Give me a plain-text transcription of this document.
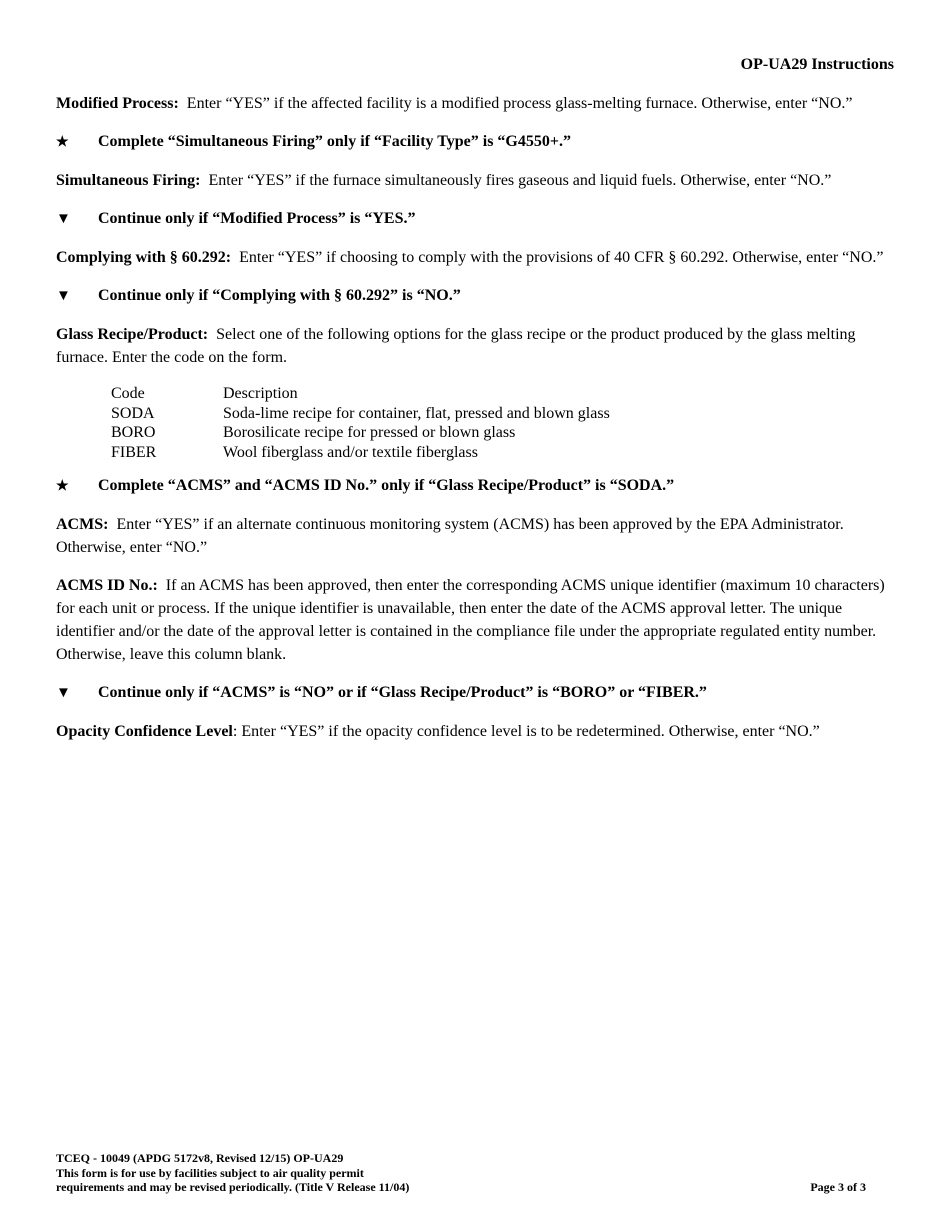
OP-UA29 Instructions

Modified Process: Enter “YES” if the affected facility is a modified process glass-melting furnace. Otherwise, enter “NO.”

★	Complete “Simultaneous Firing” only if “Facility Type” is “G4550+.”

Simultaneous Firing: Enter “YES” if the furnace simultaneously fires gaseous and liquid fuels. Otherwise, enter “NO.”

▼	Continue only if “Modified Process” is “YES.”

Complying with § 60.292: Enter “YES” if choosing to comply with the provisions of 40 CFR § 60.292. Otherwise, enter “NO.”

▼	Continue only if “Complying with § 60.292” is “NO.”

Glass Recipe/Product: Select one of the following options for the glass recipe or the product produced by the glass melting furnace. Enter the code on the form.

Code	Description
SODA	Soda-lime recipe for container, flat, pressed and blown glass
BORO	Borosilicate recipe for pressed or blown glass
FIBER	Wool fiberglass and/or textile fiberglass
★	Complete “ACMS” and “ACMS ID No.” only if “Glass Recipe/Product” is “SODA.”

ACMS: Enter “YES” if an alternate continuous monitoring system (ACMS) has been approved by the EPA Administrator. Otherwise, enter “NO.”

ACMS ID No.: If an ACMS has been approved, then enter the corresponding ACMS unique identifier (maximum 10 characters) for each unit or process. If the unique identifier is unavailable, then enter the date of the ACMS approval letter. The unique identifier and/or the date of the approval letter is contained in the compliance file under the appropriate regulated entity number. Otherwise, leave this column blank.

▼	Continue only if “ACMS” is “NO” or if “Glass Recipe/Product” is “BORO” or “FIBER.”

Opacity Confidence Level: Enter “YES” if the opacity confidence level is to be redetermined. Otherwise, enter “NO.”

TCEQ - 10049 (APDG 5172v8, Revised 12/15) OP-UA29
This form is for use by facilities subject to air quality permit
requirements and may be revised periodically. (Title V Release 11/04)	Page 3 of 3
